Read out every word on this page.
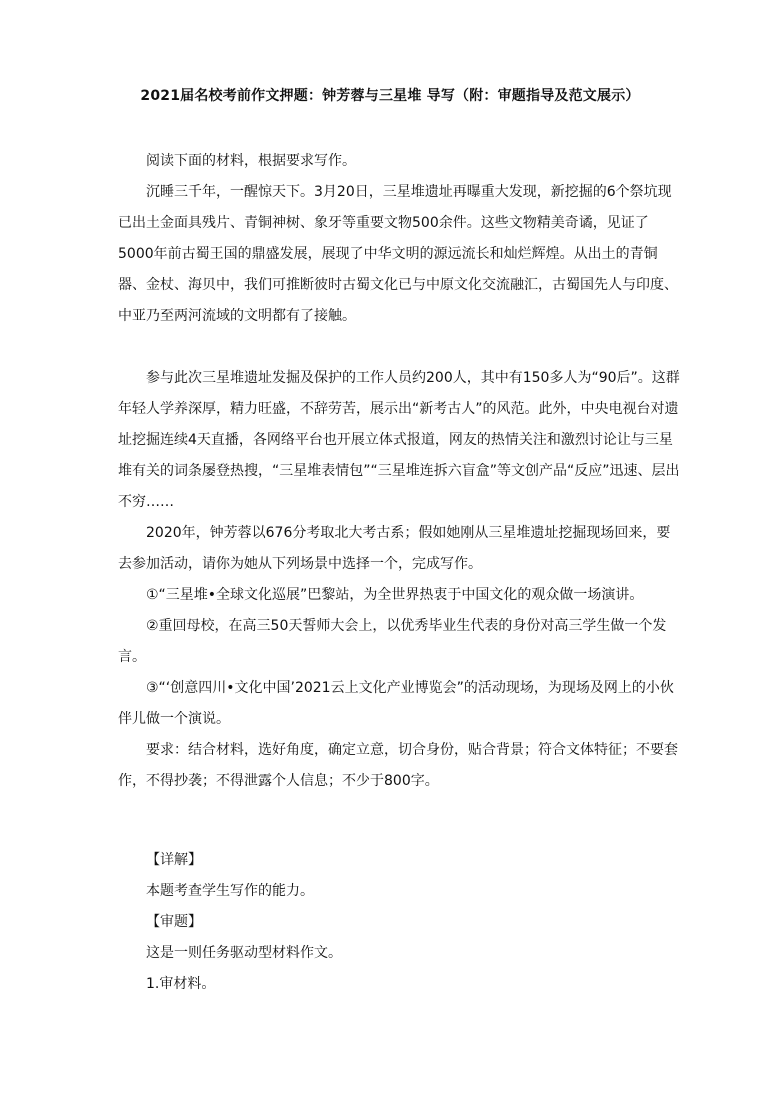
2021届名校考前作文押题：钟芳蓉与三星堆 导写（附：审题指导及范文展示）

阅读下面的材料，根据要求写作。

沉睡三千年，一醒惊天下。3月20日，三星堆遗址再曝重大发现，新挖掘的6个祭坑现已出土金面具残片、青铜神树、象牙等重要文物500余件。这些文物精美奇谲，见证了5000年前古蜀王国的鼎盛发展，展现了中华文明的源远流长和灿烂辉煌。从出土的青铜器、金杖、海贝中，我们可推断彼时古蜀文化已与中原文化交流融汇，古蜀国先人与印度、中亚乃至两河流域的文明都有了接触。

参与此次三星堆遗址发掘及保护的工作人员约200人，其中有150多人为“90后”。这群年轻人学养深厚，精力旺盛，不辞劳苦，展示出“新考古人”的风范。此外，中央电视台对遗址挖掘连续4天直播，各网络平台也开展立体式报道，网友的热情关注和激烈讨论让与三星堆有关的词条屡登热搜，“三星堆表情包”“三星堆连拆六盲盒”等文创产品“反应”迅速、层出不穷……

2020年，钟芳蓉以676分考取北大考古系；假如她刚从三星堆遗址挖掘现场回来，要去参加活动，请你为她从下列场景中选择一个，完成写作。

①“三星堆•全球文化巡展”巴黎站，为全世界热衷于中国文化的观众做一场演讲。

②重回母校，在高三50天誓师大会上，以优秀毕业生代表的身份对高三学生做一个发言。

③“‘创意四川•文化中国’2021云上文化产业博览会”的活动现场，为现场及网上的小伙伴儿做一个演说。

要求：结合材料，选好角度，确定立意，切合身份，贴合背景；符合文体特征；不要套作，不得抄袭；不得泄露个人信息；不少于800字。

【详解】

本题考查学生写作的能力。

【审题】

这是一则任务驱动型材料作文。

1.审材料。
